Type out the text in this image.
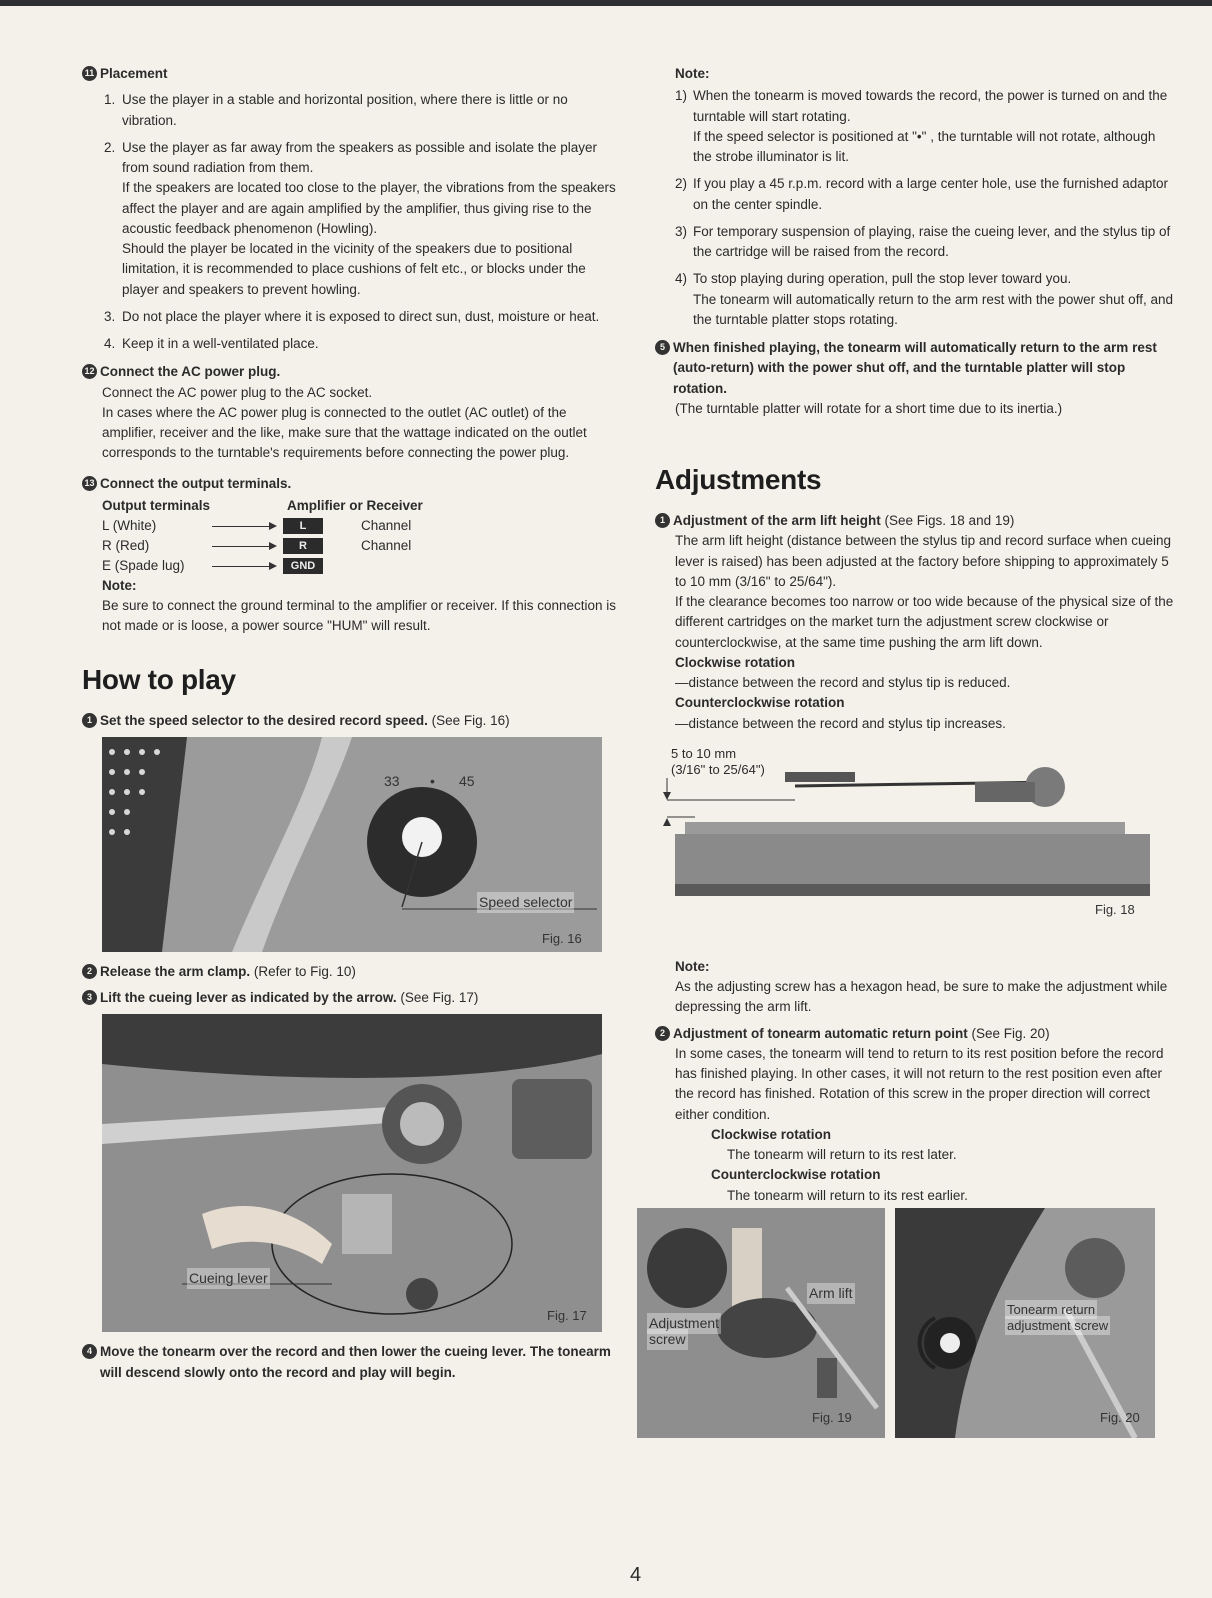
11 Placement
1. Use the player in a stable and horizontal position, where there is little or no vibration.
2. Use the player as far away from the speakers as possible and isolate the player from sound radiation from them.
If the speakers are located too close to the player, the vibrations from the speakers affect the player and are again amplified by the amplifier, thus giving rise to the acoustic feedback phenomenon (Howling).
Should the player be located in the vicinity of the speakers due to positional limitation, it is recommended to place cushions of felt etc., or blocks under the player and speakers to prevent howling.
3. Do not place the player where it is exposed to direct sun, dust, moisture or heat.
4. Keep it in a well-ventilated place.
12 Connect the AC power plug.
Connect the AC power plug to the AC socket.
In cases where the AC power plug is connected to the outlet (AC outlet) of the amplifier, receiver and the like, make sure that the wattage indicated on the outlet corresponds to the turntable's requirements before connecting the power plug.
13 Connect the output terminals.
Output terminals	Amplifier or Receiver
L (White)	L	Channel
R (Red)	R	Channel
E (Spade lug)	GND
Note:
Be sure to connect the ground terminal to the amplifier or receiver. If this connection is not made or is loose, a power source "HUM" will result.
How to play
1 Set the speed selector to the desired record speed. (See Fig. 16)
33 • 45
Speed selector
Fig. 16
2 Release the arm clamp. (Refer to Fig. 10)
3 Lift the cueing lever as indicated by the arrow. (See Fig. 17)
Cueing lever
Fig. 17
4 Move the tonearm over the record and then lower the cueing lever. The tonearm will descend slowly onto the record and play will begin.
Note:
1) When the tonearm is moved towards the record, the power is turned on and the turntable will start rotating.
If the speed selector is positioned at "•" , the turntable will not rotate, although the strobe illuminator is lit.
2) If you play a 45 r.p.m. record with a large center hole, use the furnished adaptor on the center spindle.
3) For temporary suspension of playing, raise the cueing lever, and the stylus tip of the cartridge will be raised from the record.
4) To stop playing during operation, pull the stop lever toward you.
The tonearm will automatically return to the arm rest with the power shut off, and the turntable platter stops rotating.
5 When finished playing, the tonearm will automatically return to the arm rest (auto-return) with the power shut off, and the turntable platter will stop rotation.
(The turntable platter will rotate for a short time due to its inertia.)
Adjustments
1 Adjustment of the arm lift height (See Figs. 18 and 19)
The arm lift height (distance between the stylus tip and record surface when cueing lever is raised) has been adjusted at the factory before shipping to approximately 5 to 10 mm (3/16" to 25/64").
If the clearance becomes too narrow or too wide because of the physical size of the different cartridges on the market turn the adjustment screw clockwise or counterclockwise, at the same time pushing the arm lift down.
Clockwise rotation
—distance between the record and stylus tip is reduced.
Counterclockwise rotation
—distance between the record and stylus tip increases.
5 to 10 mm
(3/16" to 25/64")
Fig. 18
Note:
As the adjusting screw has a hexagon head, be sure to make the adjustment while depressing the arm lift.
2 Adjustment of tonearm automatic return point (See Fig. 20)
In some cases, the tonearm will tend to return to its rest position before the record has finished playing. In other cases, it will not return to the rest position even after the record has finished. Rotation of this screw in the proper direction will correct either condition.
Clockwise rotation
The tonearm will return to its rest later.
Counterclockwise rotation
The tonearm will return to its rest earlier.
Arm lift
Adjustment
screw
Fig. 19
Tonearm return
adjustment screw
Fig. 20
4
